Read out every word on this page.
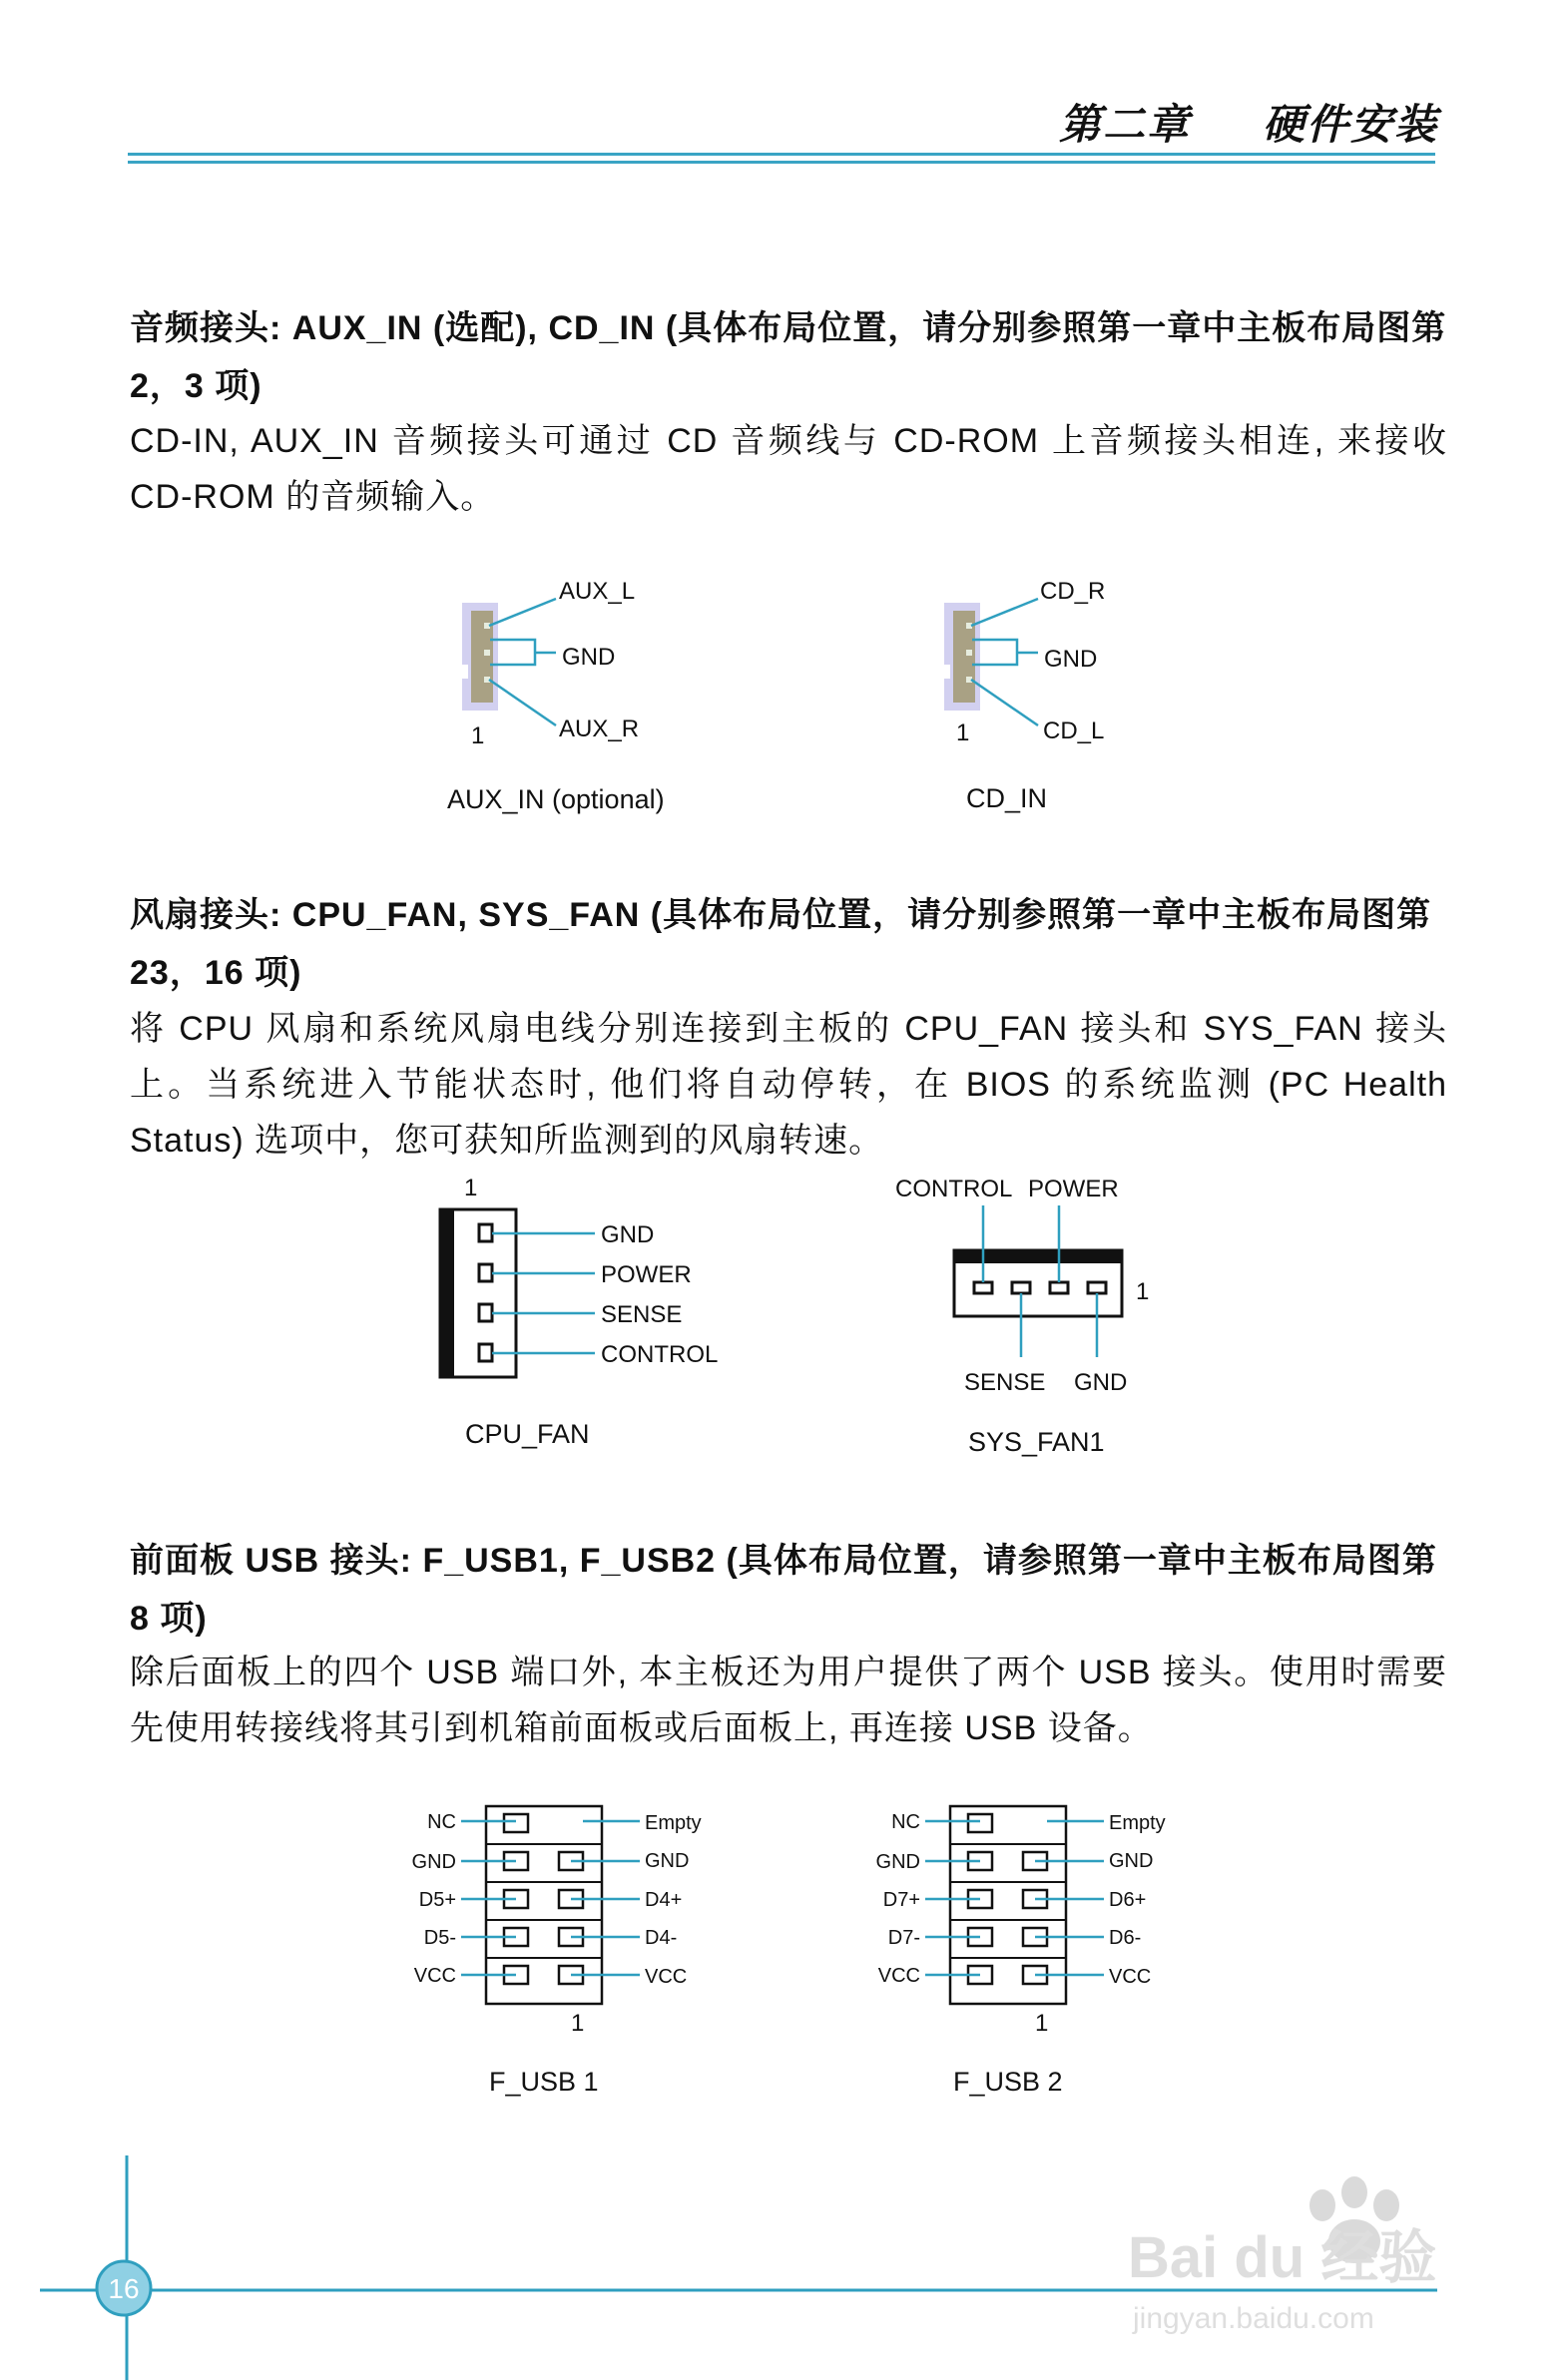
第二章 硬件安装
音频接头: AUX_IN (选配), CD_IN (具体布局位置，请分别参照第一章中主板布局图第 2，3 项)
CD-IN, AUX_IN 音频接头可通过 CD 音频线与 CD-ROM 上音频接头相连, 来接收 CD-ROM 的音频输入。
风扇接头: CPU_FAN, SYS_FAN (具体布局位置，请分别参照第一章中主板布局图第 23，16 项)
将 CPU 风扇和系统风扇电线分别连接到主板的 CPU_FAN 接头和 SYS_FAN 接头上。当系统进入节能状态时, 他们将自动停转，在 BIOS 的系统监测 (PC Health Status) 选项中，您可获知所监测到的风扇转速。
前面板 USB 接头: F_USB1, F_USB2 (具体布局位置，请参照第一章中主板布局图第 8 项)
除后面板上的四个 USB 端口外, 本主板还为用户提供了两个 USB 接头。使用时需要先使用转接线将其引到机箱前面板或后面板上, 再连接 USB 设备。
AUX_L
GND
AUX_R
1
AUX_IN (optional)
CD_R
GND
CD_L
1
CD_IN
1
GND
POWER
SENSE
CONTROL
CPU_FAN
CONTROL POWER
1
SENSE GND
SYS_FAN1
NC
GND
D5+
D5-
VCC
Empty
GND
D4+
D4-
VCC
1
F_USB 1
NC
GND
D7+
D7-
VCC
Empty
GND
D6+
D6-
VCC
1
F_USB 2
16	Bai du 经验
jingyan.baidu.com
